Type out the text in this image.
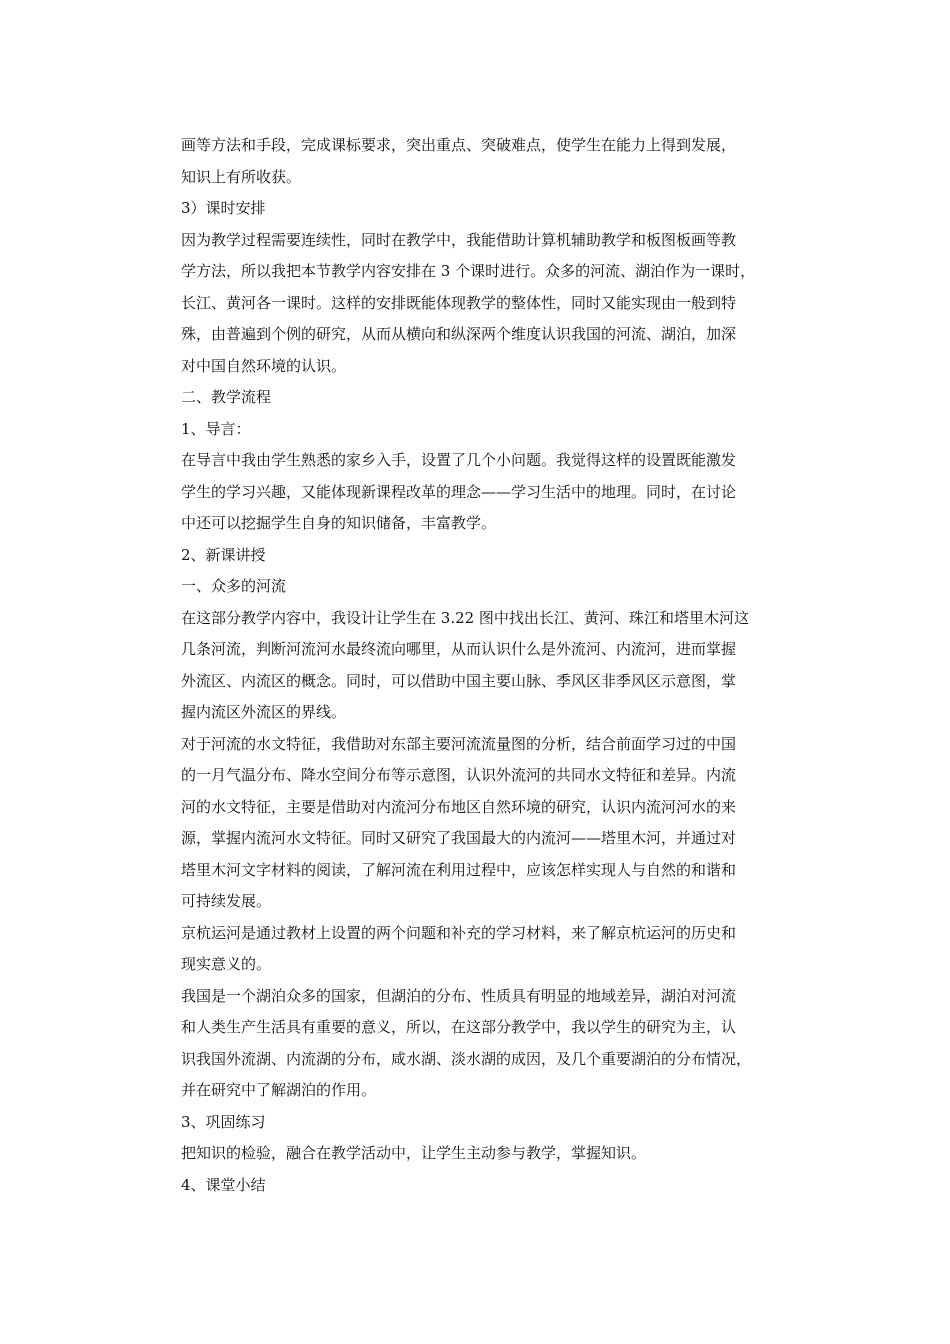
画等方法和手段，完成课标要求，突出重点、突破难点，使学生在能力上得到发展，
知识上有所收获。
3）课时安排
因为教学过程需要连续性，同时在教学中，我能借助计算机辅助教学和板图板画等教
学方法，所以我把本节教学内容安排在 3 个课时进行。众多的河流、湖泊作为一课时，
长江、黄河各一课时。这样的安排既能体现教学的整体性，同时又能实现由一般到特
殊，由普遍到个例的研究，从而从横向和纵深两个维度认识我国的河流、湖泊，加深
对中国自然环境的认识。
二、教学流程
1、导言：
在导言中我由学生熟悉的家乡入手，设置了几个小问题。我觉得这样的设置既能激发
学生的学习兴趣，又能体现新课程改革的理念——学习生活中的地理。同时，在讨论
中还可以挖掘学生自身的知识储备，丰富教学。
2、新课讲授
一、众多的河流
在这部分教学内容中，我设计让学生在 3.22 图中找出长江、黄河、珠江和塔里木河这
几条河流，判断河流河水最终流向哪里，从而认识什么是外流河、内流河，进而掌握
外流区、内流区的概念。同时，可以借助中国主要山脉、季风区非季风区示意图，掌
握内流区外流区的界线。
对于河流的水文特征，我借助对东部主要河流流量图的分析，结合前面学习过的中国
的一月气温分布、降水空间分布等示意图，认识外流河的共同水文特征和差异。内流
河的水文特征，主要是借助对内流河分布地区自然环境的研究，认识内流河河水的来
源，掌握内流河水文特征。同时又研究了我国最大的内流河——塔里木河，并通过对
塔里木河文字材料的阅读，了解河流在利用过程中，应该怎样实现人与自然的和谐和
可持续发展。
京杭运河是通过教材上设置的两个问题和补充的学习材料，来了解京杭运河的历史和
现实意义的。
我国是一个湖泊众多的国家，但湖泊的分布、性质具有明显的地域差异，湖泊对河流
和人类生产生活具有重要的意义，所以，在这部分教学中，我以学生的研究为主，认
识我国外流湖、内流湖的分布，咸水湖、淡水湖的成因，及几个重要湖泊的分布情况，
并在研究中了解湖泊的作用。
3、巩固练习
把知识的检验，融合在教学活动中，让学生主动参与教学，掌握知识。
4、课堂小结
